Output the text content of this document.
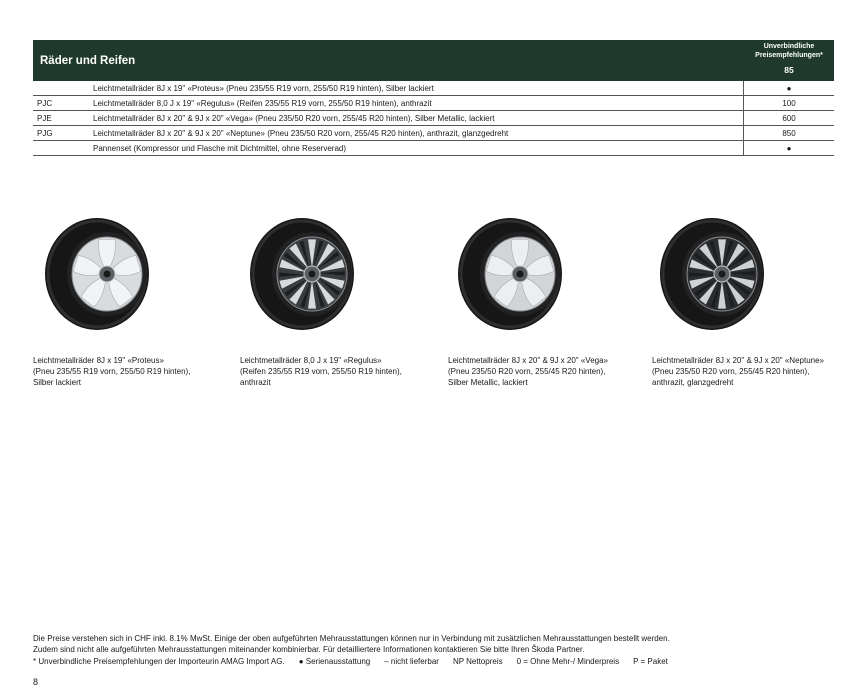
Räder und Reifen
Unverbindliche Preisempfehlungen*
85
Leichtmetallräder 8J x 19" «Proteus» (Pneu 235/55 R19 vorn, 255/50 R19 hinten), Silber lackiert	●
PJC	Leichtmetallräder 8,0 J x 19" «Regulus» (Reifen 235/55 R19 vorn, 255/50 R19 hinten), anthrazit	100
PJE	Leichtmetallräder 8J x 20" & 9J x 20" «Vega» (Pneu 235/50 R20 vorn, 255/45 R20 hinten), Silber Metallic, lackiert	600
PJG	Leichtmetallräder 8J x 20" & 9J x 20" «Neptune» (Pneu 235/50 R20 vorn, 255/45 R20 hinten), anthrazit, glanzgedreht	850
Pannenset (Kompressor und Flasche mit Dichtmittel, ohne Reserverad)	●
Leichtmetallräder 8J x 19" «Proteus»
(Pneu 235/55 R19 vorn, 255/50 R19 hinten),
Silber lackiert
Leichtmetallräder 8,0 J x 19" «Regulus»
(Reifen 235/55 R19 vorn, 255/50 R19 hinten),
anthrazit
Leichtmetallräder 8J x 20" & 9J x 20" «Vega»
(Pneu 235/50 R20 vorn, 255/45 R20 hinten),
Silber Metallic, lackiert
Leichtmetallräder 8J x 20" & 9J x 20" «Neptune»
(Pneu 235/50 R20 vorn, 255/45 R20 hinten),
anthrazit, glanzgedreht
Die Preise verstehen sich in CHF inkl. 8.1% MwSt. Einige der oben aufgeführten Mehrausstattungen können nur in Verbindung mit zusätzlichen Mehrausstattungen bestellt werden.
Zudem sind nicht alle aufgeführten Mehrausstattungen miteinander kombinierbar. Für detailliertere Informationen kontaktieren Sie bitte Ihren Škoda Partner.
* Unverbindliche Preisempfehlungen der Importeurin AMAG Import AG. ● Serienausstattung – nicht lieferbar NP Nettopreis 0 = Ohne Mehr-/ Minderpreis P = Paket
8
